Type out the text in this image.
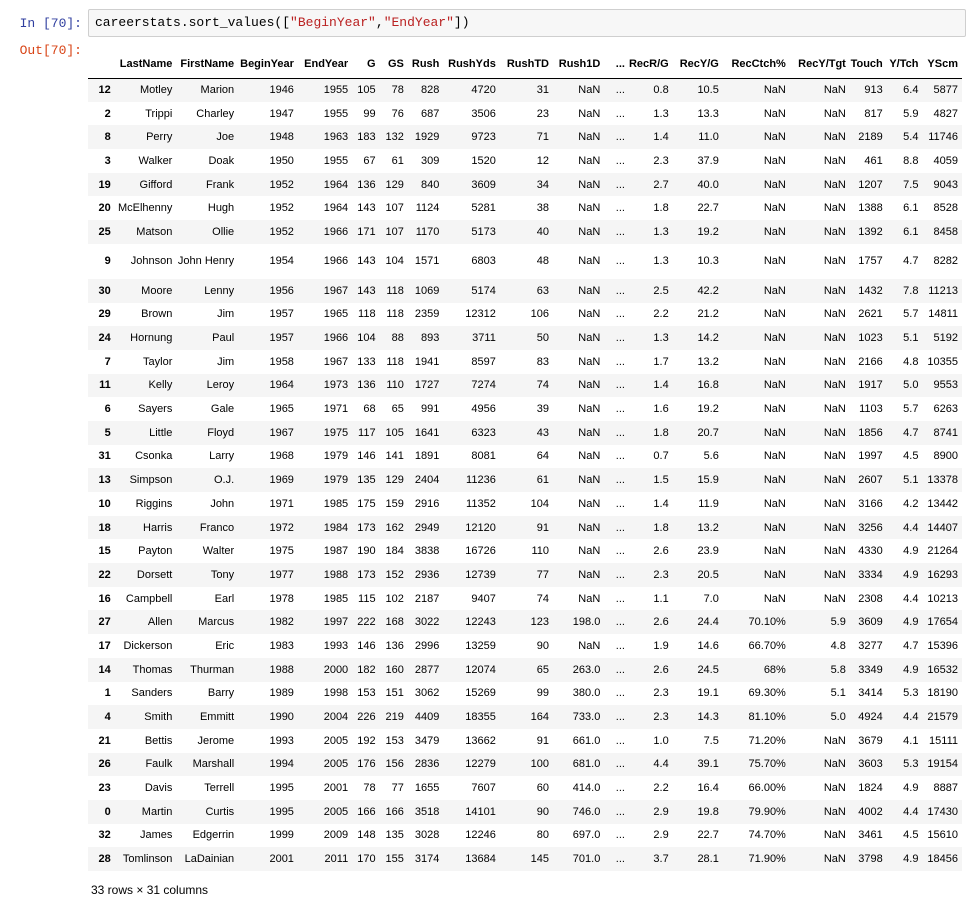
In [70]:	careerstats.sort_values(["BeginYear","EndYear"])
Out[70]:
	LastName	FirstName	BeginYear	EndYear	G	GS	Rush	RushYds	RushTD	Rush1D	...	RecR/G	RecY/G	RecCtch%	RecY/Tgt	Touch	Y/Tch	YScm
12	Motley	Marion	1946	1955	105	78	828	4720	31	NaN	...	0.8	10.5	NaN	NaN	913	6.4	5877
2	Trippi	Charley	1947	1955	99	76	687	3506	23	NaN	...	1.3	13.3	NaN	NaN	817	5.9	4827
8	Perry	Joe	1948	1963	183	132	1929	9723	71	NaN	...	1.4	11.0	NaN	NaN	2189	5.4	11746
3	Walker	Doak	1950	1955	67	61	309	1520	12	NaN	...	2.3	37.9	NaN	NaN	461	8.8	4059
19	Gifford	Frank	1952	1964	136	129	840	3609	34	NaN	...	2.7	40.0	NaN	NaN	1207	7.5	9043
20	McElhenny	Hugh	1952	1964	143	107	1124	5281	38	NaN	...	1.8	22.7	NaN	NaN	1388	6.1	8528
25	Matson	Ollie	1952	1966	171	107	1170	5173	40	NaN	...	1.3	19.2	NaN	NaN	1392	6.1	8458
9	Johnson	John Henry	1954	1966	143	104	1571	6803	48	NaN	...	1.3	10.3	NaN	NaN	1757	4.7	8282
30	Moore	Lenny	1956	1967	143	118	1069	5174	63	NaN	...	2.5	42.2	NaN	NaN	1432	7.8	11213
29	Brown	Jim	1957	1965	118	118	2359	12312	106	NaN	...	2.2	21.2	NaN	NaN	2621	5.7	14811
24	Hornung	Paul	1957	1966	104	88	893	3711	50	NaN	...	1.3	14.2	NaN	NaN	1023	5.1	5192
7	Taylor	Jim	1958	1967	133	118	1941	8597	83	NaN	...	1.7	13.2	NaN	NaN	2166	4.8	10355
11	Kelly	Leroy	1964	1973	136	110	1727	7274	74	NaN	...	1.4	16.8	NaN	NaN	1917	5.0	9553
6	Sayers	Gale	1965	1971	68	65	991	4956	39	NaN	...	1.6	19.2	NaN	NaN	1103	5.7	6263
5	Little	Floyd	1967	1975	117	105	1641	6323	43	NaN	...	1.8	20.7	NaN	NaN	1856	4.7	8741
31	Csonka	Larry	1968	1979	146	141	1891	8081	64	NaN	...	0.7	5.6	NaN	NaN	1997	4.5	8900
13	Simpson	O.J.	1969	1979	135	129	2404	11236	61	NaN	...	1.5	15.9	NaN	NaN	2607	5.1	13378
10	Riggins	John	1971	1985	175	159	2916	11352	104	NaN	...	1.4	11.9	NaN	NaN	3166	4.2	13442
18	Harris	Franco	1972	1984	173	162	2949	12120	91	NaN	...	1.8	13.2	NaN	NaN	3256	4.4	14407
15	Payton	Walter	1975	1987	190	184	3838	16726	110	NaN	...	2.6	23.9	NaN	NaN	4330	4.9	21264
22	Dorsett	Tony	1977	1988	173	152	2936	12739	77	NaN	...	2.3	20.5	NaN	NaN	3334	4.9	16293
16	Campbell	Earl	1978	1985	115	102	2187	9407	74	NaN	...	1.1	7.0	NaN	NaN	2308	4.4	10213
27	Allen	Marcus	1982	1997	222	168	3022	12243	123	198.0	...	2.6	24.4	70.10%	5.9	3609	4.9	17654
17	Dickerson	Eric	1983	1993	146	136	2996	13259	90	NaN	...	1.9	14.6	66.70%	4.8	3277	4.7	15396
14	Thomas	Thurman	1988	2000	182	160	2877	12074	65	263.0	...	2.6	24.5	68%	5.8	3349	4.9	16532
1	Sanders	Barry	1989	1998	153	151	3062	15269	99	380.0	...	2.3	19.1	69.30%	5.1	3414	5.3	18190
4	Smith	Emmitt	1990	2004	226	219	4409	18355	164	733.0	...	2.3	14.3	81.10%	5.0	4924	4.4	21579
21	Bettis	Jerome	1993	2005	192	153	3479	13662	91	661.0	...	1.0	7.5	71.20%	NaN	3679	4.1	15111
26	Faulk	Marshall	1994	2005	176	156	2836	12279	100	681.0	...	4.4	39.1	75.70%	NaN	3603	5.3	19154
23	Davis	Terrell	1995	2001	78	77	1655	7607	60	414.0	...	2.2	16.4	66.00%	NaN	1824	4.9	8887
0	Martin	Curtis	1995	2005	166	166	3518	14101	90	746.0	...	2.9	19.8	79.90%	NaN	4002	4.4	17430
32	James	Edgerrin	1999	2009	148	135	3028	12246	80	697.0	...	2.9	22.7	74.70%	NaN	3461	4.5	15610
28	Tomlinson	LaDainian	2001	2011	170	155	3174	13684	145	701.0	...	3.7	28.1	71.90%	NaN	3798	4.9	18456
33 rows × 31 columns
